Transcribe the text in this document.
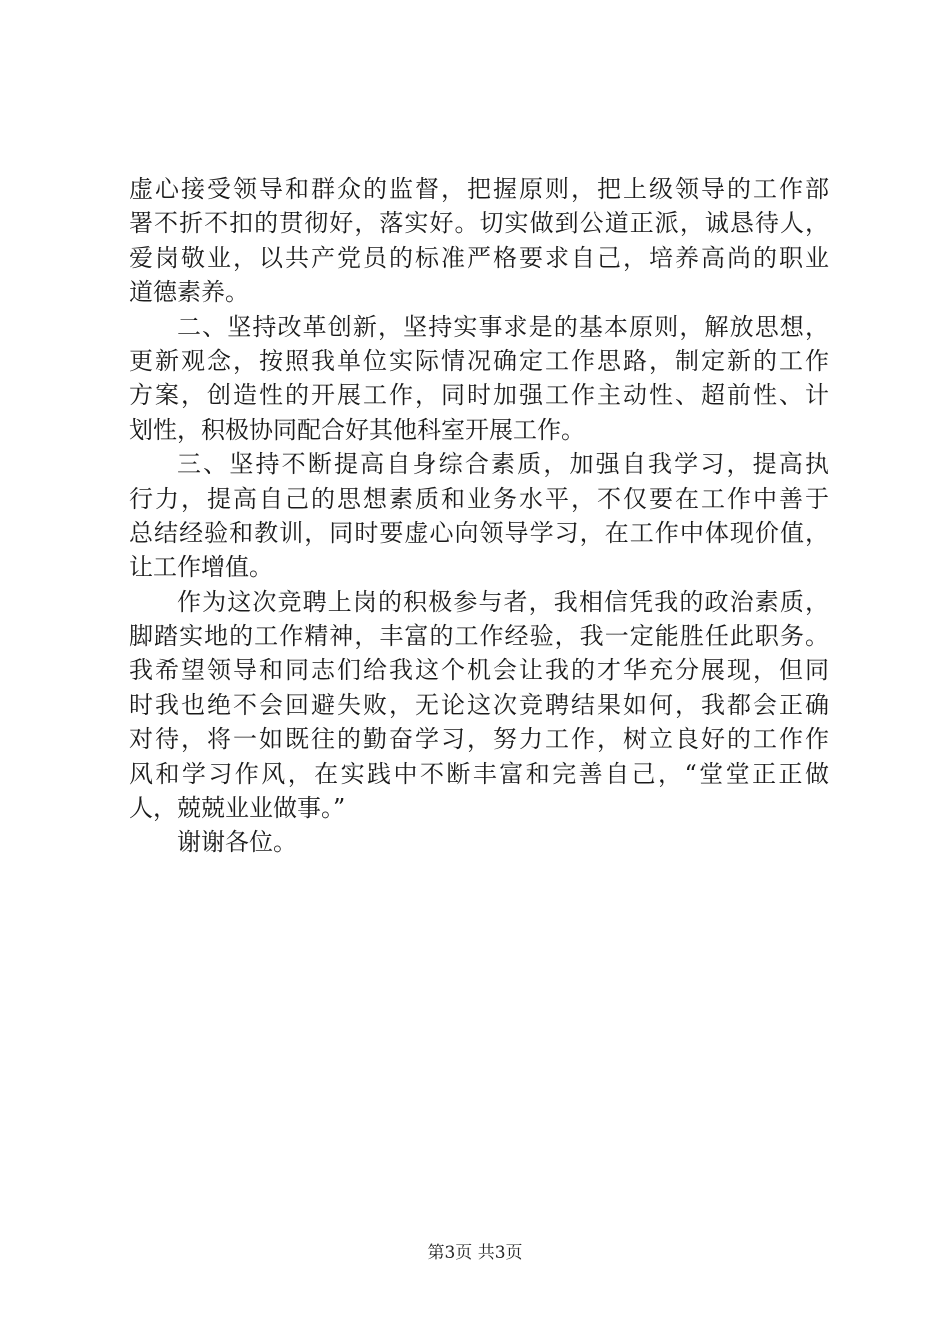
虚心接受领导和群众的监督，把握原则，把上级领导的工作部
署不折不扣的贯彻好，落实好。切实做到公道正派，诚恳待人，
爱岗敬业，以共产党员的标准严格要求自己，培养高尚的职业
道德素养。
二、坚持改革创新，坚持实事求是的基本原则，解放思想，
更新观念，按照我单位实际情况确定工作思路，制定新的工作
方案，创造性的开展工作，同时加强工作主动性、超前性、计
划性，积极协同配合好其他科室开展工作。
三、坚持不断提高自身综合素质，加强自我学习，提高执
行力，提高自己的思想素质和业务水平，不仅要在工作中善于
总结经验和教训，同时要虚心向领导学习，在工作中体现价值，
让工作增值。
作为这次竞聘上岗的积极参与者，我相信凭我的政治素质，
脚踏实地的工作精神，丰富的工作经验，我一定能胜任此职务。
我希望领导和同志们给我这个机会让我的才华充分展现，但同
时我也绝不会回避失败，无论这次竞聘结果如何，我都会正确
对待，将一如既往的勤奋学习，努力工作，树立良好的工作作
风和学习作风，在实践中不断丰富和完善自己，“堂堂正正做
人，兢兢业业做事。”
谢谢各位。
第3页 共3页
